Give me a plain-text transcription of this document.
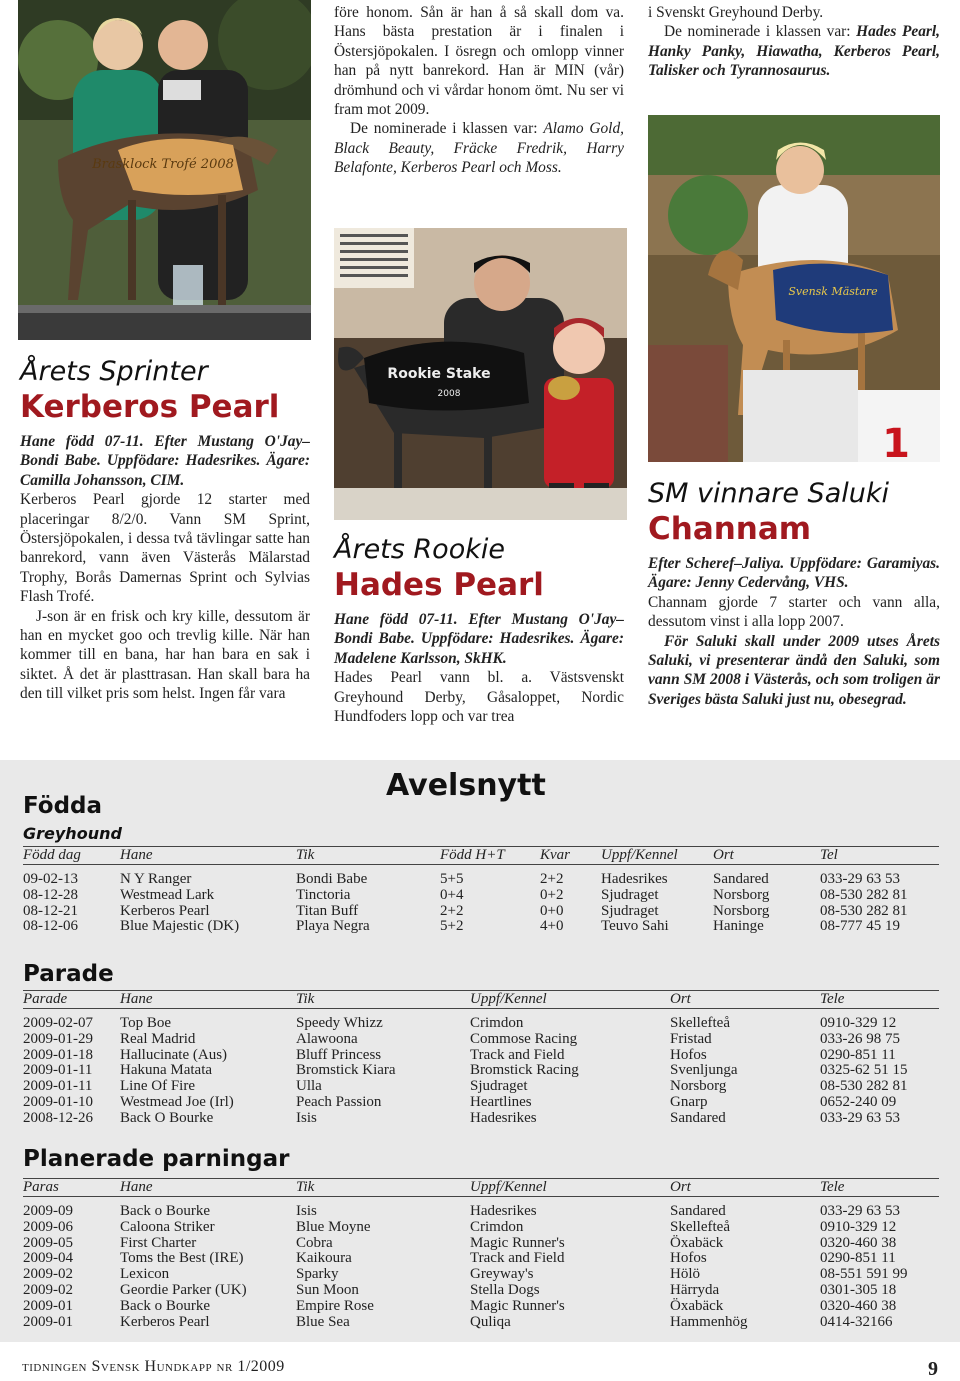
Brasklock Trofé 2008
Rookie Stake
2008
Svensk Mästare
1

före honom. Sån är han å så skall dom va. Hans bästa prestation är i finalen i Östersjöpokalen. I ösregn och omlopp vinner han på nytt banrekord. Han är MIN (vår) drömhund och vi vårdar honom ömt. Nu ser vi fram mot 2009.

De nominerade i klassen var: Alamo Gold, Black Beauty, Fräcke Fredrik, Harry Belafonte, Kerberos Pearl och Moss.

i Svenskt Greyhound Derby.

De nominerade i klassen var: Hades Pearl, Hanky Panky, Hiawatha, Kerberos Pearl, Talisker och Tyrannosaurus.

Årets Sprinter
Kerberos Pearl

Hane född 07-11. Efter Mustang O'Jay–Bondi Babe. Uppfödare: Hadesrikes. Ägare: Camilla Johansson, CIM.

Kerberos Pearl gjorde 12 starter med placeringar 8/2/0. Vann SM Sprint, Östersjöpokalen, i dessa två tävlingar satte han banrekord, vann även Västerås Mälarstad Trophy, Borås Damernas Sprint och Sylvias Flash Trofé.

J-son är en frisk och kry kille, dessutom är han en mycket goo och trevlig kille. När han kommer till en bana, har han bara en sak i siktet. Å det är plasttrasan. Han skall bara ha den till vilket pris som helst. Ingen får vara

Årets Rookie
Hades Pearl

Hane född 07-11. Efter Mustang O'Jay–Bondi Babe. Uppfödare: Hadesrikes. Ägare: Madelene Karlsson, SkHK.

Hades Pearl vann bl. a. Västsvenskt Greyhound Derby, Gåsaloppet, Nordic Hundfoders lopp och var trea

SM vinnare Saluki
Channam

Efter Scheref–Jaliya. Uppfödare: Garamiyas. Ägare: Jenny Cedervång, VHS.

Channam gjorde 7 starter och vann alla, dessutom vinst i alla lopp 2007.

För Saluki skall under 2009 utses Årets Saluki, vi presenterar ändå den Saluki, som vann SM 2008 i Västerås, och som troligen är Sveriges bästa Saluki just nu, obesegrad.

Avelsnytt
Födda
Greyhound
Född dag	Hane	Tik	Född H+T	Kvar	Uppf/Kennel	Ort	Tel
09-02-13	N Y Ranger	Bondi Babe	5+5	2+2	Hadesrikes	Sandared	033-29 63 53
08-12-28	Westmead Lark	Tinctoria	0+4	0+2	Sjudraget	Norsborg	08-530 282 81
08-12-21	Kerberos Pearl	Titan Buff	2+2	0+0	Sjudraget	Norsborg	08-530 282 81
08-12-06	Blue Majestic (DK)	Playa Negra	5+2	4+0	Teuvo Sahi	Haninge	08-777 45 19
Parade
Parade	Hane	Tik	Uppf/Kennel	Ort	Tele
2009-02-07	Top Boe	Speedy Whizz	Crimdon	Skellefteå	0910-329 12
2009-01-29	Real Madrid	Alawoona	Commose Racing	Fristad	033-26 98 75
2009-01-18	Hallucinate (Aus)	Bluff Princess	Track and Field	Hofos	0290-851 11
2009-01-11	Hakuna Matata	Bromstick Kiara	Bromstick Racing	Svenljunga	0325-62 51 15
2009-01-11	Line Of Fire	Ulla	Sjudraget	Norsborg	08-530 282 81
2009-01-10	Westmead Joe (Irl)	Peach Passion	Heartlines	Gnarp	0652-240 09
2008-12-26	Back O Bourke	Isis	Hadesrikes	Sandared	033-29 63 53
Planerade parningar
Paras	Hane	Tik	Uppf/Kennel	Ort	Tele
2009-09	Back o Bourke	Isis	Hadesrikes	Sandared	033-29 63 53
2009-06	Caloona Striker	Blue Moyne	Crimdon	Skellefteå	0910-329 12
2009-05	First Charter	Cobra	Magic Runner's	Öxabäck	0320-460 38
2009-04	Toms the Best (IRE)	Kaikoura	Track and Field	Hofos	0290-851 11
2009-02	Lexicon	Sparky	Greyway's	Hölö	08-551 591 99
2009-02	Geordie Parker (UK)	Sun Moon	Stella Dogs	Härryda	0301-305 18
2009-01	Back o Bourke	Empire Rose	Magic Runner's	Öxabäck	0320-460 38
2009-01	Kerberos Pearl	Blue Sea	Quliqa	Hammenhög	0414-32166
tidningen Svensk Hundkapp nr 1/2009	9
